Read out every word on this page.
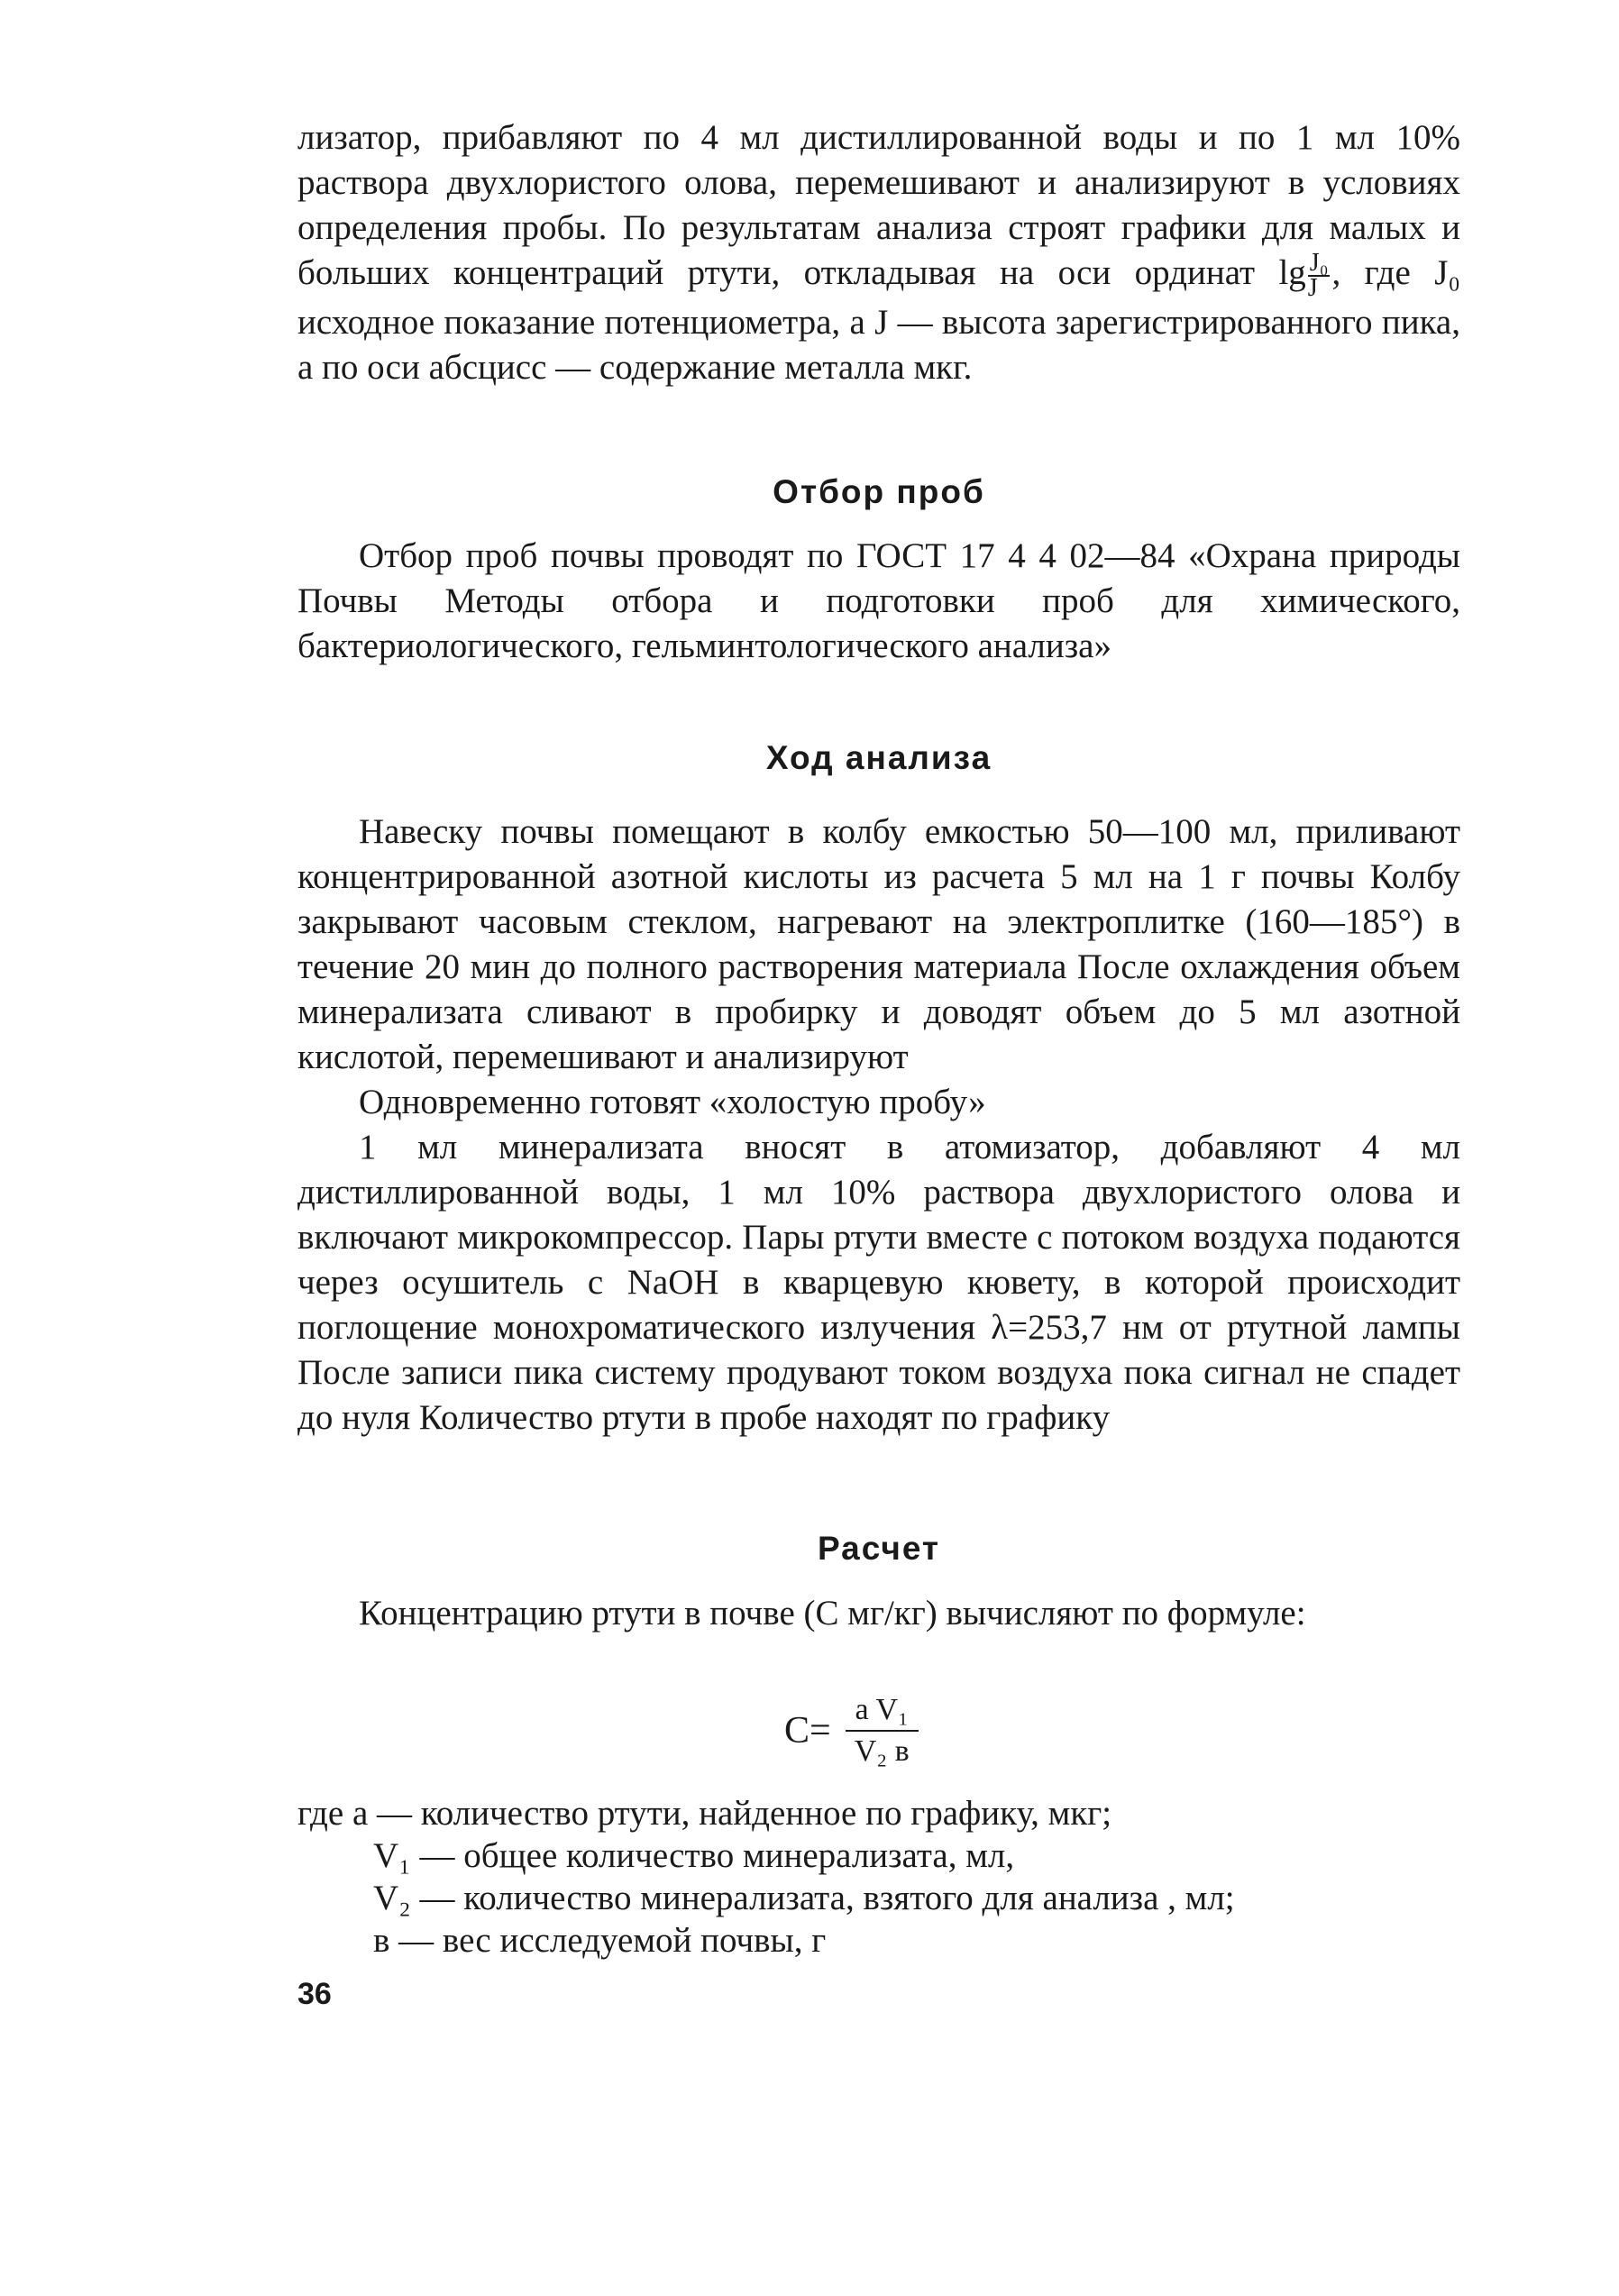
лизатор, прибавляют по 4 мл дистиллированной воды и по 1 мл 10% раствора двухлористого олова, перемешивают и анализируют в условиях определения пробы. По результатам анализа строят графики для малых и больших концентраций ртути, откладывая на оси ординат $\lg \frac{\text{J₀}}{J}$ , где J₀ исходное показание потенциометра, а J — высота зарегистрированного пика, а по оси абсцисс — содержание металла мкг.

Отбор проб

Отбор проб почвы проводят по ГОСТ 17 4 4 02—84 «Охрана природы Почвы Методы отбора и подготовки проб для химического, бактериологического, гельминтологического анализа»

Ход анализа

Навеску почвы помещают в колбу емкостью 50—100 мл, приливают концентрированной азотной кислоты из расчета 5 мл на 1 г почвы Колбу закрывают часовым стеклом, нагревают на электроплитке (160—185°) в течение 20 мин до полного растворения материала После охлаждения объем минерализата сливают в пробирку и доводят объем до 5 мл азотной кислотой, перемешивают и анализируют

Одновременно готовят «холостую пробу»

1 мл минерализата вносят в атомизатор, добавляют 4 мл дистиллированной воды, 1 мл 10% раствора двухлористого олова и включают микрокомпрессор. Пары ртути вместе с потоком воздуха подаются через осушитель с NaOH в кварцевую кювету, в которой происходит поглощение монохроматического излучения λ=253,7 нм от ртутной лампы После записи пика систему продувают током воздуха пока сигнал не спадет до нуля Количество ртути в пробе находят по графику

Расчет

Концентрацию ртути в почве (С мг/кг) вычисляют по формуле:

C=
a V₁
V₂ в
где а — количество ртути, найденное по графику, мкг;
V₁ — общее количество минерализата, мл,
V₂ — количество минерализата, взятого для анализа , мл;
в — вес исследуемой почвы, г
36
